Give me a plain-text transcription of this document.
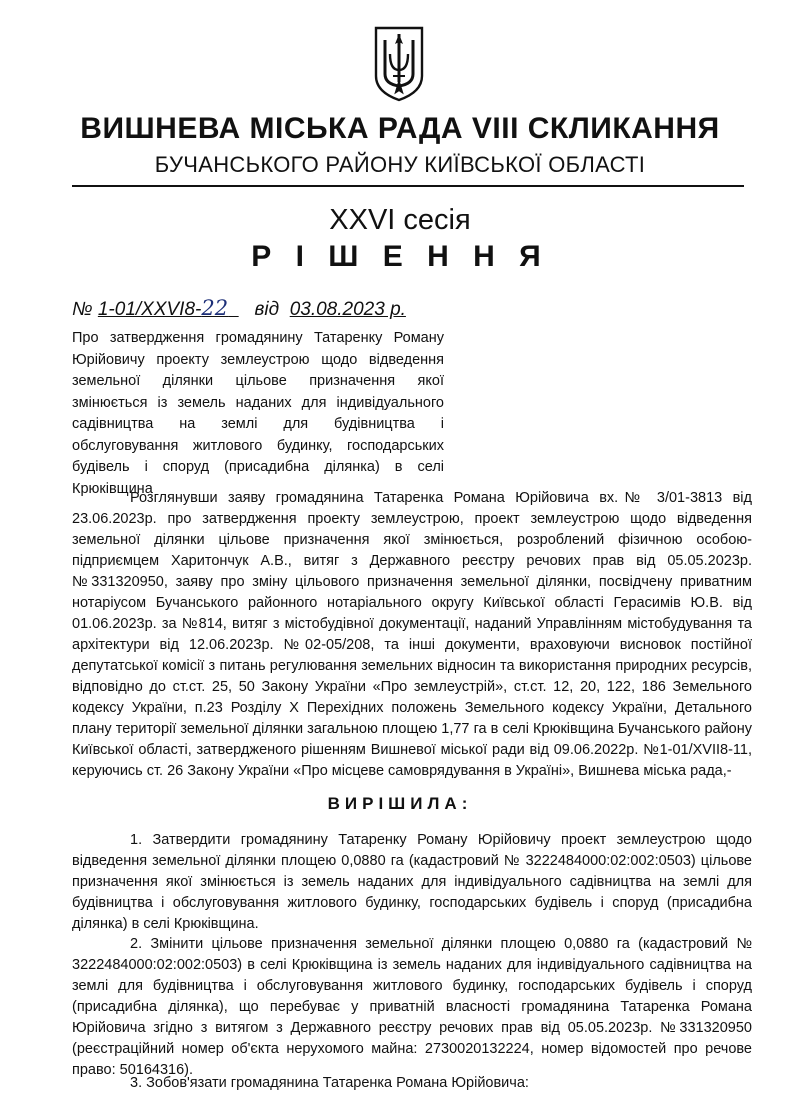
ВИШНЕВА МІСЬКА РАДА VIII СКЛИКАННЯ
БУЧАНСЬКОГО РАЙОНУ КИЇВСЬКОЇ ОБЛАСТІ
XXVI сесія
Р І Ш Е Н Н Я
№ 1-01/XXVI8-22 від 03.08.2023 р.
Про затвердження громадянину Татаренку Роману Юрійовичу проекту землеустрою щодо відведення земельної ділянки цільове призначення якої змінюється із земель наданих для індивідуального садівництва на землі для будівництва і обслуговування житлового будинку, господарських будівель і споруд (присадибна ділянка) в селі Крюківщина
Розглянувши заяву громадянина Татаренка Романа Юрійовича вх.№ 3/01-3813 від 23.06.2023р. про затвердження проекту землеустрою, проект землеустрою щодо відведення земельної ділянки цільове призначення якої змінюється, розроблений фізичною особою-підприємцем Харитончук А.В., витяг з Державного реєстру речових прав від 05.05.2023р. №331320950, заяву про зміну цільового призначення земельної ділянки, посвідчену приватним нотаріусом Бучанського районного нотаріального округу Київської області Герасимів Ю.В. від 01.06.2023р. за №814, витяг з містобудівної документації, наданий Управлінням містобудування та архітектури від 12.06.2023р. №02-05/208, та інші документи, враховуючи висновок постійної депутатської комісії з питань регулювання земельних відносин та використання природних ресурсів, відповідно до ст.ст. 25, 50 Закону України «Про землеустрій», ст.ст. 12, 20, 122, 186 Земельного кодексу України, п.23 Розділу Х Перехідних положень Земельного кодексу України, Детального плану території земельної ділянки загальною площею 1,77 га в селі Крюківщина Бучанського району Київської області, затвердженого рішенням Вишневої міської ради від 09.06.2022р. №1-01/XVII8-11, керуючись ст. 26 Закону України «Про місцеве самоврядування в Україні», Вишнева міська рада,-
ВИРІШИЛА:
1. Затвердити громадянину Татаренку Роману Юрійовичу проект землеустрою щодо відведення земельної ділянки площею 0,0880 га (кадастровий № 3222484000:02:002:0503) цільове призначення якої змінюється із земель наданих для індивідуального садівництва на землі для будівництва і обслуговування житлового будинку, господарських будівель і споруд (присадибна ділянка) в селі Крюківщина.
2. Змінити цільове призначення земельної ділянки площею 0,0880 га (кадастровий № 3222484000:02:002:0503) в селі Крюківщина із земель наданих для індивідуального садівництва на землі для будівництва і обслуговування житлового будинку, господарських будівель і споруд (присадибна ділянка), що перебуває у приватній власності громадянина Татаренка Романа Юрійовича згідно з витягом з Державного реєстру речових прав від 05.05.2023р. №331320950 (реєстраційний номер об'єкта нерухомого майна: 2730020132224, номер відомостей про речове право: 50164316).
3. Зобов'язати громадянина Татаренка Романа Юрійовича:
